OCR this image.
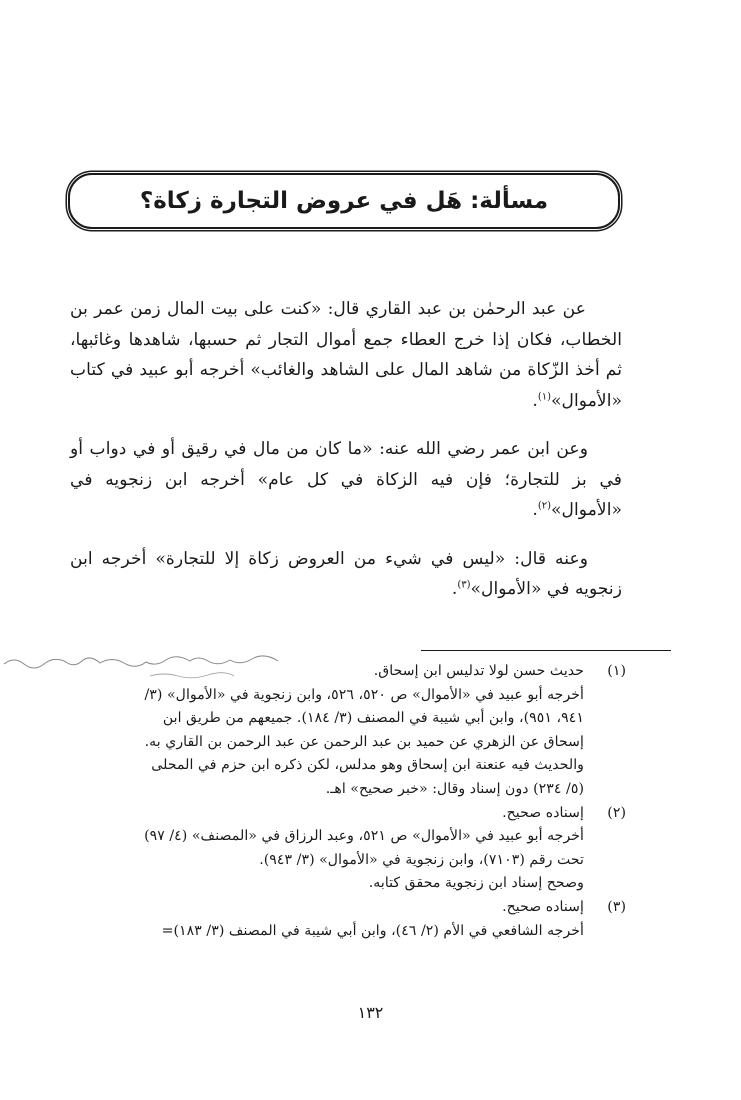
مسألة: هَل في عروض التجارة زكاة؟

عن عبد الرحمٰن بن عبد القاري قال: «كنت على بيت المال زمن عمر بن الخطاب، فكان إذا خرج العطاء جمع أموال التجار ثم حسبها، شاهدها وغائبها، ثم أخذ الزّكاة من شاهد المال على الشاهد والغائب» أخرجه أبو عبيد في كتاب «الأموال»$^{(١)}$.

وعن ابن عمر رضي الله عنه: «ما كان من مال في رقيق أو في دواب أو في بز للتجارة؛ فإن فيه الزكاة في كل عام» أخرجه ابن زنجويه في «الأموال»$^{(٢)}$.

وعنه قال: «ليس في شيء من العروض زكاة إلا للتجارة» أخرجه ابن زنجويه في «الأموال»$^{(٣)}$.

(١)
حديث حسن لولا تدليس ابن إسحاق.
أخرجه أبو عبيد في «الأموال» ص ٥٢٠، ٥٢٦، وابن زنجوية في «الأموال» (٣/
٩٤١، ٩٥١)، وابن أبي شيبة في المصنف (٣/ ١٨٤). جميعهم من طريق ابن
إسحاق عن الزهري عن حميد بن عبد الرحمن عن عبد الرحمن بن القاري به.
والحديث فيه عنعنة ابن إسحاق وهو مدلس، لكن ذكره ابن حزم في المحلى
(٥/ ٢٣٤) دون إسناد وقال: «خبر صحيح» اهـ.
(٢)
إسناده صحيح.
أخرجه أبو عبيد في «الأموال» ص ٥٢١، وعبد الرزاق في «المصنف» (٤/ ٩٧)
تحت رقم (٧١٠٣)، وابن زنجوية في «الأموال» (٣/ ٩٤٣).
وصحح إسناد ابن زنجوية محقق كتابه.
(٣)
إسناده صحيح.
أخرجه الشافعي في الأم (٢/ ٤٦)، وابن أبي شيبة في المصنف (٣/ ١٨٣)=
١٣٢
